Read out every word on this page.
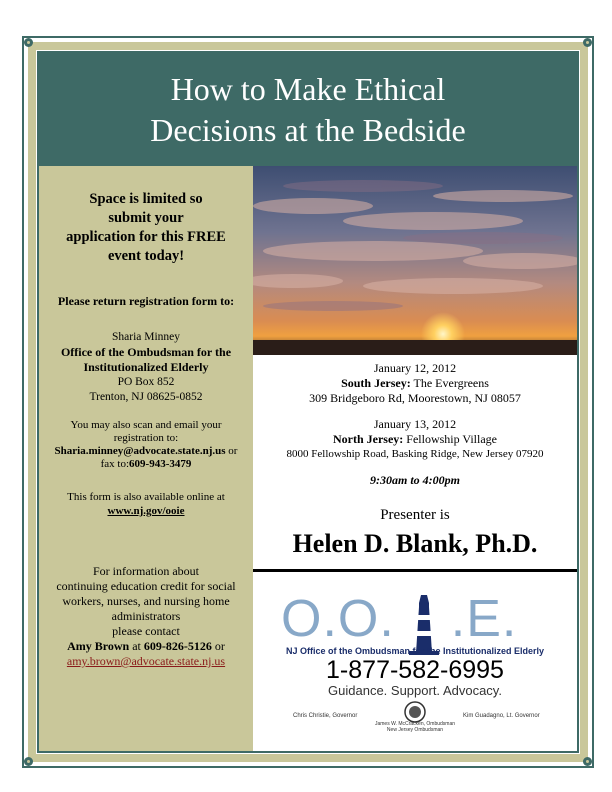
How to Make Ethical
Decisions at the Bedside
Space is limited so
submit your
application for this FREE
event today!
Please return registration form to:
Sharia Minney
Office of the Ombudsman for the
Institutionalized Elderly
PO Box 852
Trenton, NJ 08625-0852
You may also scan and email your
registration to:
Sharia.minney@advocate.state.nj.us or
fax to:609-943-3479
This form is also available online at
www.nj.gov/ooie
For information about
continuing education credit for social
workers, nurses, and nursing home
administrators
please contact
Amy Brown at 609-826-5126 or
amy.brown@advocate.state.nj.us
January 12, 2012
South Jersey: The Evergreens
309 Bridgeboro Rd, Moorestown, NJ 08057
January 13, 2012
North Jersey: Fellowship Village
8000 Fellowship Road, Basking Ridge, New Jersey 07920
9:30am to 4:00pm
Presenter is
Helen D. Blank, Ph.D.
O.O. .E.
NJ Office of the Ombudsman for the Institutionalized Elderly
1-877-582-6995
Guidance. Support. Advocacy.
Chris Christie, Governor	Kim Guadagno, Lt. Governor
James W. McCracken, Ombudsman
New Jersey Ombudsman
